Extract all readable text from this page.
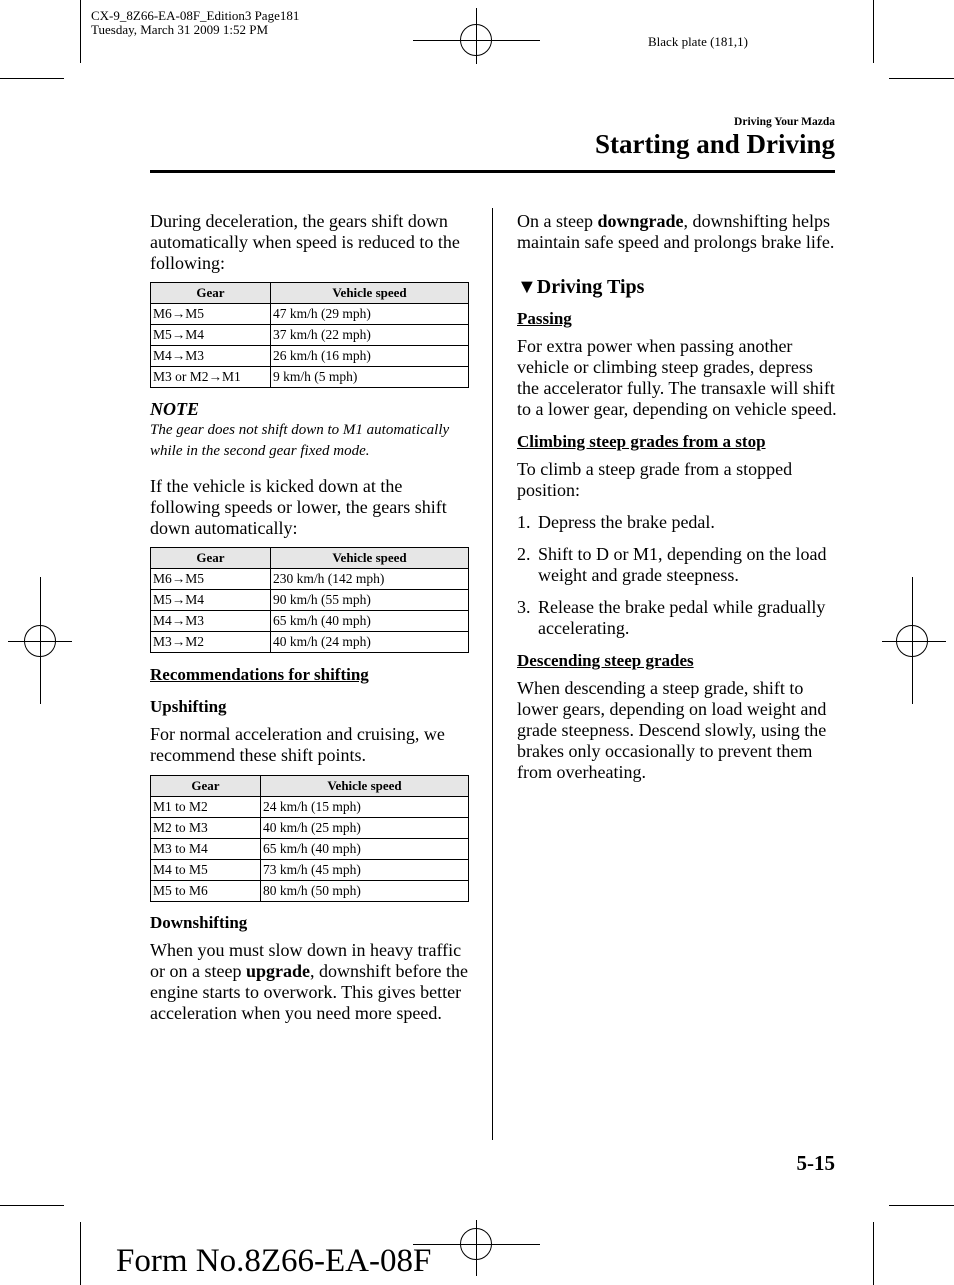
CX-9_8Z66-EA-08F_Edition3 Page181
Tuesday, March 31 2009 1:52 PM
Black plate (181,1)
Driving Your Mazda
Starting and Driving

During deceleration, the gears shift down automatically when speed is reduced to the following:

Gear	Vehicle speed
M6→M5	47 km/h (29 mph)
M5→M4	37 km/h (22 mph)
M4→M3	26 km/h (16 mph)
M3 or M2→M1	9 km/h (5 mph)
NOTE

The gear does not shift down to M1 automatically while in the second gear fixed mode.

If the vehicle is kicked down at the following speeds or lower, the gears shift down automatically:

Gear	Vehicle speed
M6→M5	230 km/h (142 mph)
M5→M4	90 km/h (55 mph)
M4→M3	65 km/h (40 mph)
M3→M2	40 km/h (24 mph)
Recommendations for shifting
Upshifting

For normal acceleration and cruising, we recommend these shift points.

Gear	Vehicle speed
M1 to M2	24 km/h (15 mph)
M2 to M3	40 km/h (25 mph)
M3 to M4	65 km/h (40 mph)
M4 to M5	73 km/h (45 mph)
M5 to M6	80 km/h (50 mph)
Downshifting

When you must slow down in heavy traffic or on a steep upgrade, downshift before the engine starts to overwork. This gives better acceleration when you need more speed.

On a steep downgrade, downshifting helps maintain safe speed and prolongs brake life.

▼Driving Tips
Passing

For extra power when passing another vehicle or climbing steep grades, depress the accelerator fully. The transaxle will shift to a lower gear, depending on vehicle speed.

Climbing steep grades from a stop

To climb a steep grade from a stopped position:

1. Depress the brake pedal.
2. Shift to D or M1, depending on the load weight and grade steepness.
3. Release the brake pedal while gradually accelerating.
Descending steep grades

When descending a steep grade, shift to lower gears, depending on load weight and grade steepness. Descend slowly, using the brakes only occasionally to prevent them from overheating.

5-15
Form No.8Z66-EA-08F
